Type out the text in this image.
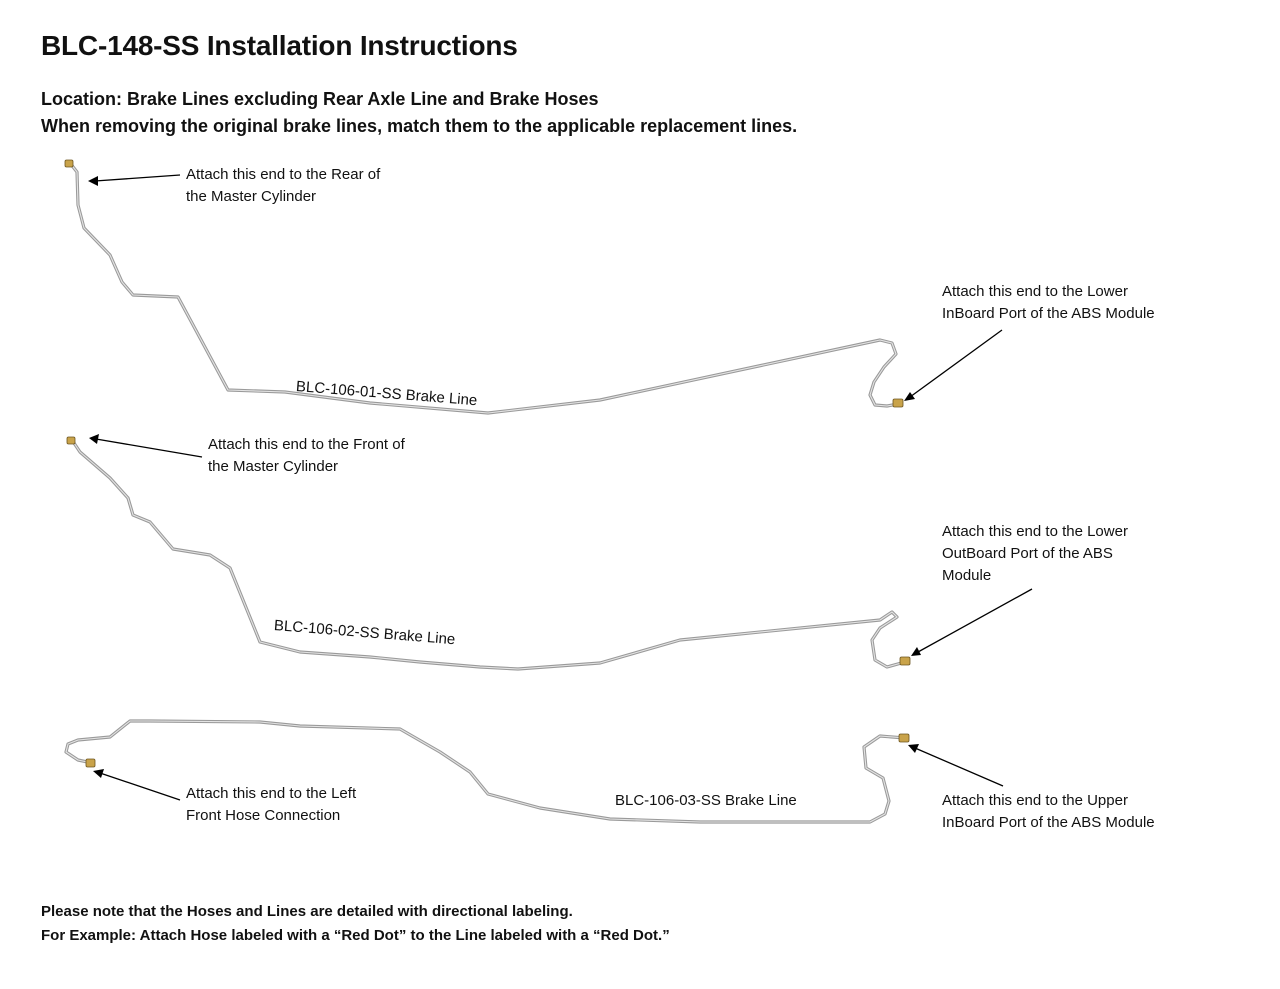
BLC-148-SS Installation Instructions
Location: Brake Lines excluding Rear Axle Line and Brake Hoses
When removing the original brake lines, match them to the applicable replacement lines.
Attach this end to the Rear of
the Master Cylinder
Attach this end to the Lower
InBoard Port of the ABS Module
BLC-106-01-SS Brake Line
Attach this end to the Front of
the Master Cylinder
Attach this end to the Lower
OutBoard Port of the ABS
Module
BLC-106-02-SS Brake Line
Attach this end to the Left
Front Hose Connection
Attach this end to the Upper
InBoard Port of the ABS Module
BLC-106-03-SS Brake Line
Please note that the Hoses and Lines are detailed with directional labeling.
For Example: Attach Hose labeled with a “Red Dot” to the Line labeled with a “Red Dot.”
